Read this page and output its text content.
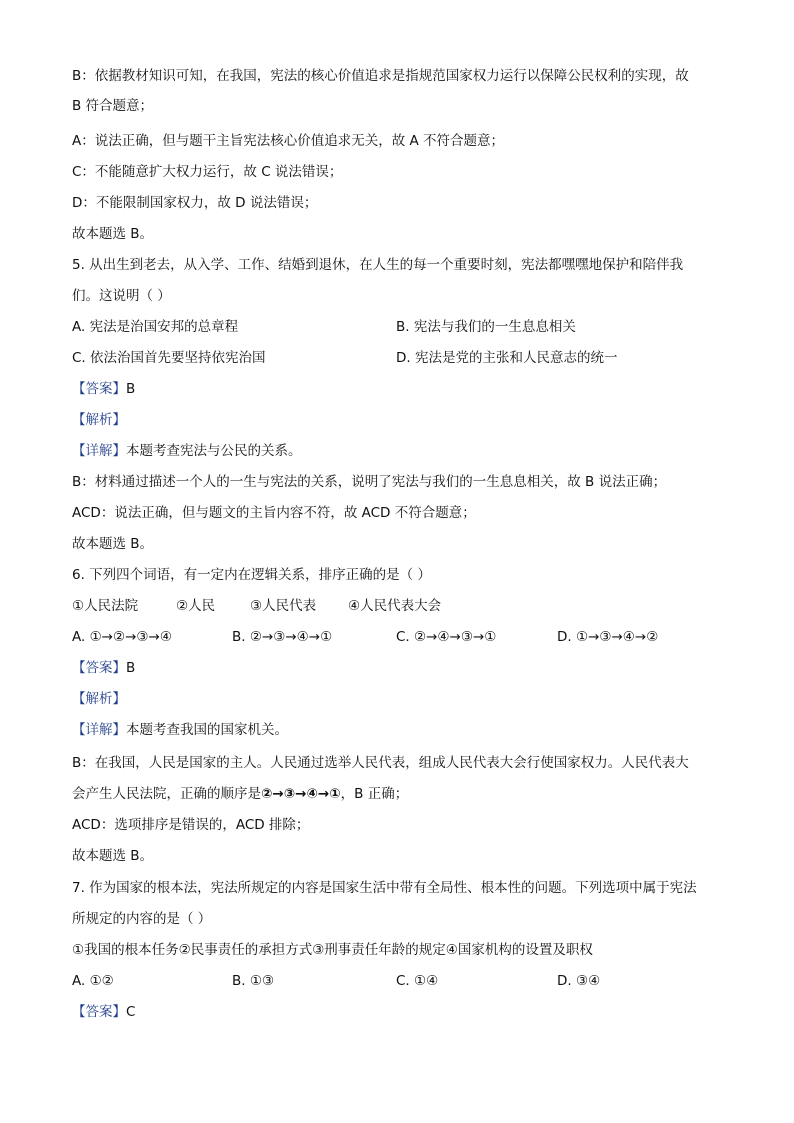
B：依据教材知识可知，在我国，宪法的核心价值追求是指规范国家权力运行以保障公民权利的实现，故
B 符合题意；
A：说法正确，但与题干主旨宪法核心价值追求无关，故 A 不符合题意；
C：不能随意扩大权力运行，故 C 说法错误；
D：不能限制国家权力，故 D 说法错误；
故本题选 B。
5. 从出生到老去，从入学、工作、结婚到退休，在人生的每一个重要时刻，宪法都嘿嘿地保护和陪伴我
们。这说明（ ）
A. 宪法是治国安邦的总章程	B. 宪法与我们的一生息息相关
C. 依法治国首先要坚持依宪治国	D. 宪法是党的主张和人民意志的统一
【答案】B
【解析】
【详解】本题考查宪法与公民的关系。
B：材料通过描述一个人的一生与宪法的关系，说明了宪法与我们的一生息息相关，故 B 说法正确；
ACD：说法正确，但与题文的主旨内容不符，故 ACD 不符合题意；
故本题选 B。
6. 下列四个词语，有一定内在逻辑关系，排序正确的是（ ）
①人民法院	②人民	③人民代表 ④人民代表大会
A. ①→②→③→④	B. ②→③→④→①	C. ②→④→③→①	D. ①→③→④→②
【答案】B
【解析】
【详解】本题考查我国的国家机关。
B：在我国，人民是国家的主人。人民通过选举人民代表，组成人民代表大会行使国家权力。人民代表大
会产生人民法院，正确的顺序是②→③→④→①，B 正确；
ACD：选项排序是错误的，ACD 排除；
故本题选 B。
7. 作为国家的根本法，宪法所规定的内容是国家生活中带有全局性、根本性的问题。下列选项中属于宪法
所规定的内容的是（ ）
①我国的根本任务②民事责任的承担方式③刑事责任年龄的规定④国家机构的设置及职权
A. ①②	B. ①③	C. ①④	D. ③④
【答案】C
